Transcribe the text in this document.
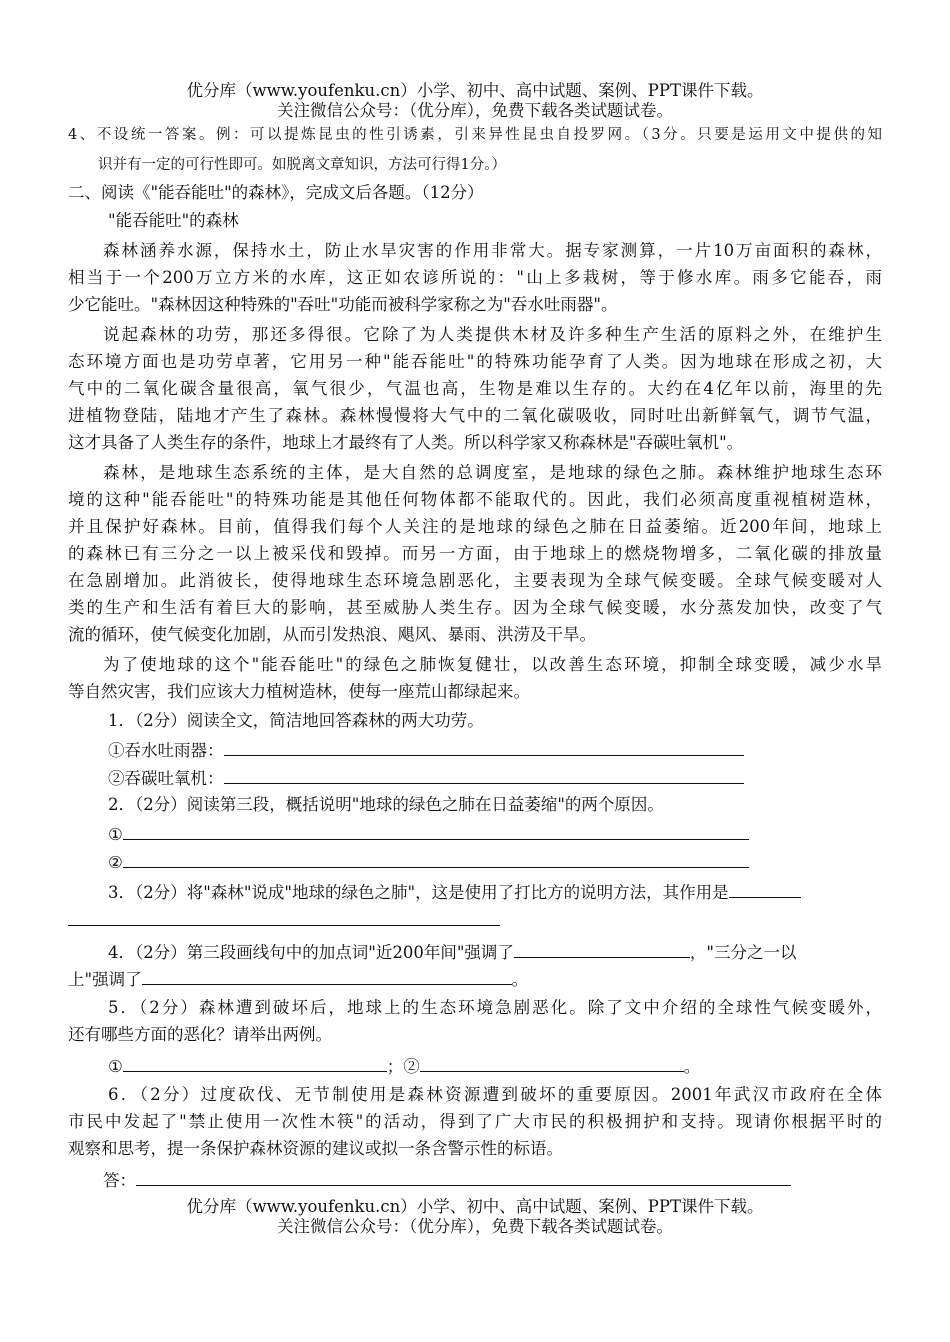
优分库（www.youfenku.cn）小学、初中、高中试题、案例、PPT课件下载。
关注微信公众号：（优分库），免费下载各类试题试卷。
4、不设统一答案。例：可以提炼昆虫的性引诱素，引来异性昆虫自投罗网。（3分。只要是运用文中提供的知
识并有一定的可行性即可。如脱离文章知识，方法可行得1分。）
二、阅读《"能吞能吐"的森林》，完成文后各题。（12分）
"能吞能吐"的森林
森林涵养水源，保持水土，防止水旱灾害的作用非常大。据专家测算，一片10万亩面积的森林，
相当于一个200万立方米的水库，这正如农谚所说的："山上多栽树，等于修水库。雨多它能吞，雨
少它能吐。"森林因这种特殊的"吞吐"功能而被科学家称之为"吞水吐雨器"。
说起森林的功劳，那还多得很。它除了为人类提供木材及许多种生产生活的原料之外，在维护生
态环境方面也是功劳卓著，它用另一种"能吞能吐"的特殊功能孕育了人类。因为地球在形成之初，大
气中的二氧化碳含量很高，氧气很少，气温也高，生物是难以生存的。大约在4亿年以前，海里的先
进植物登陆，陆地才产生了森林。森林慢慢将大气中的二氧化碳吸收，同时吐出新鲜氧气，调节气温，
这才具备了人类生存的条件，地球上才最终有了人类。所以科学家又称森林是"吞碳吐氧机"。
森林，是地球生态系统的主体，是大自然的总调度室，是地球的绿色之肺。森林维护地球生态环
境的这种"能吞能吐"的特殊功能是其他任何物体都不能取代的。因此，我们必须高度重视植树造林，
并且保护好森林。目前，值得我们每个人关注的是地球的绿色之肺在日益萎缩。近200年间，地球上
的森林已有三分之一以上被采伐和毁掉。而另一方面，由于地球上的燃烧物增多，二氧化碳的排放量
在急剧增加。此消彼长，使得地球生态环境急剧恶化，主要表现为全球气候变暖。全球气候变暖对人
类的生产和生活有着巨大的影响，甚至威胁人类生存。因为全球气候变暖，水分蒸发加快，改变了气
流的循环，使气候变化加剧，从而引发热浪、飓风、暴雨、洪涝及干旱。
为了使地球的这个"能吞能吐"的绿色之肺恢复健壮，以改善生态环境，抑制全球变暖，减少水旱
等自然灾害，我们应该大力植树造林，使每一座荒山都绿起来。
1．（2分）阅读全文，简洁地回答森林的两大功劳。
①吞水吐雨器：
②吞碳吐氧机：
2．（2分）阅读第三段，概括说明"地球的绿色之肺在日益萎缩"的两个原因。
①
②
3．（2分）将"森林"说成"地球的绿色之肺"，这是使用了打比方的说明方法，其作用是
4．（2分）第三段画线句中的加点词"近200年间"强调了	，"三分之一以
上"强调了	。
5．（2分）森林遭到破坏后，地球上的生态环境急剧恶化。除了文中介绍的全球性气候变暖外，
还有哪些方面的恶化？请举出两例。
①	；②	。
6．（2分）过度砍伐、无节制使用是森林资源遭到破坏的重要原因。2001年武汉市政府在全体
市民中发起了"禁止使用一次性木筷"的活动，得到了广大市民的积极拥护和支持。现请你根据平时的
观察和思考，提一条保护森林资源的建议或拟一条含警示性的标语。
答：
优分库（www.youfenku.cn）小学、初中、高中试题、案例、PPT课件下载。
关注微信公众号：（优分库），免费下载各类试题试卷。
